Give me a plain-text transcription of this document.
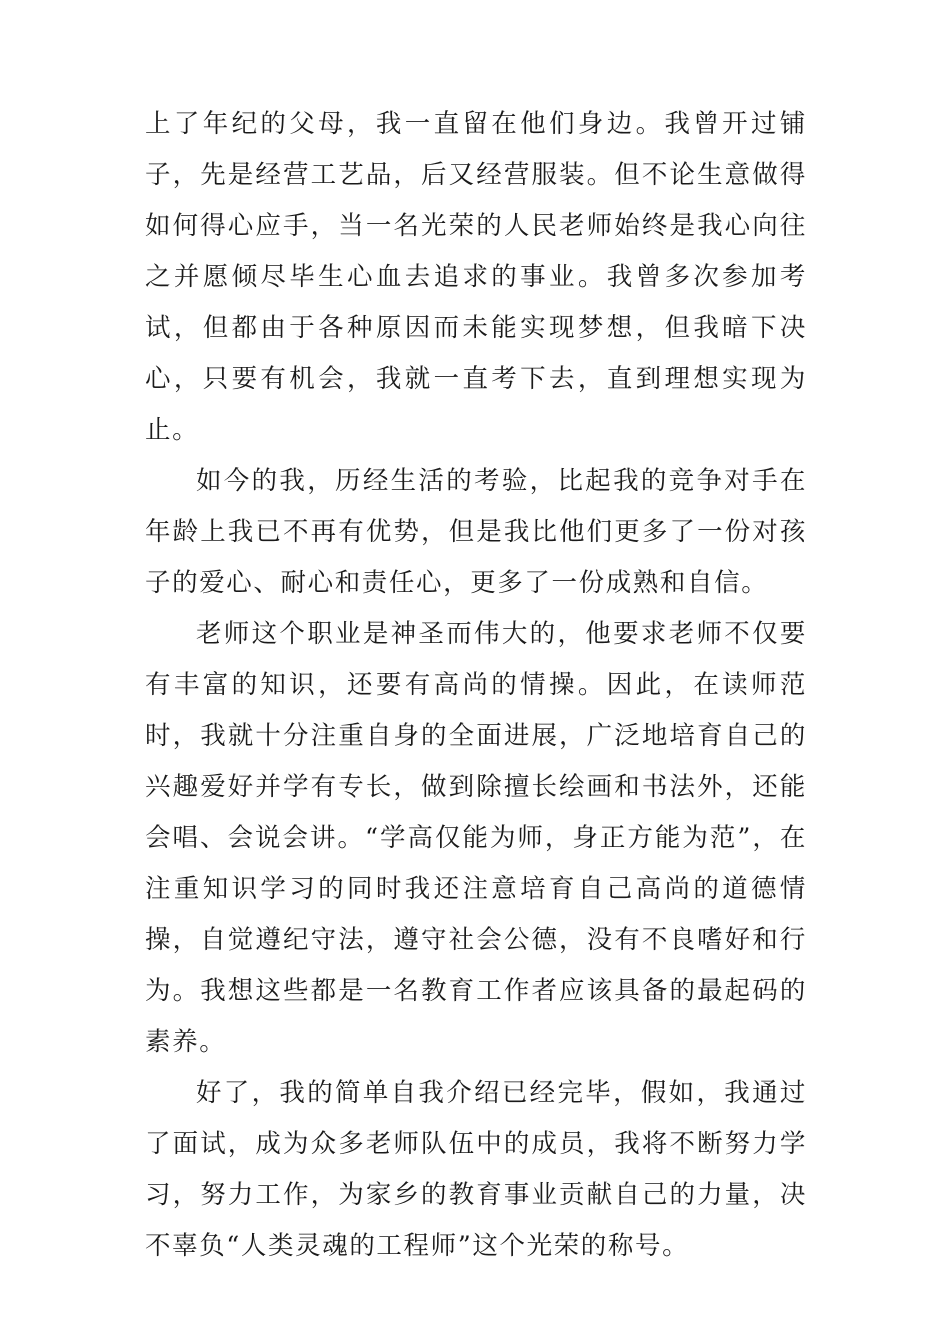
上了年纪的父母，我一直留在他们身边。我曾开过铺子，先是经营工艺品，后又经营服装。但不论生意做得如何得心应手，当一名光荣的人民老师始终是我心向往之并愿倾尽毕生心血去追求的事业。我曾多次参加考试，但都由于各种原因而未能实现梦想，但我暗下决心，只要有机会，我就一直考下去，直到理想实现为止。

如今的我，历经生活的考验，比起我的竞争对手在年龄上我已不再有优势，但是我比他们更多了一份对孩子的爱心、耐心和责任心，更多了一份成熟和自信。

老师这个职业是神圣而伟大的，他要求老师不仅要有丰富的知识，还要有高尚的情操。因此，在读师范时，我就十分注重自身的全面进展，广泛地培育自己的兴趣爱好并学有专长，做到除擅长绘画和书法外，还能会唱、会说会讲。“学高仅能为师，身正方能为范”，在注重知识学习的同时我还注意培育自己高尚的道德情操，自觉遵纪守法，遵守社会公德，没有不良嗜好和行为。我想这些都是一名教育工作者应该具备的最起码的素养。

好了，我的简单自我介绍已经完毕，假如，我通过了面试，成为众多老师队伍中的成员，我将不断努力学习，努力工作，为家乡的教育事业贡献自己的力量，决不辜负“人类灵魂的工程师”这个光荣的称号。
